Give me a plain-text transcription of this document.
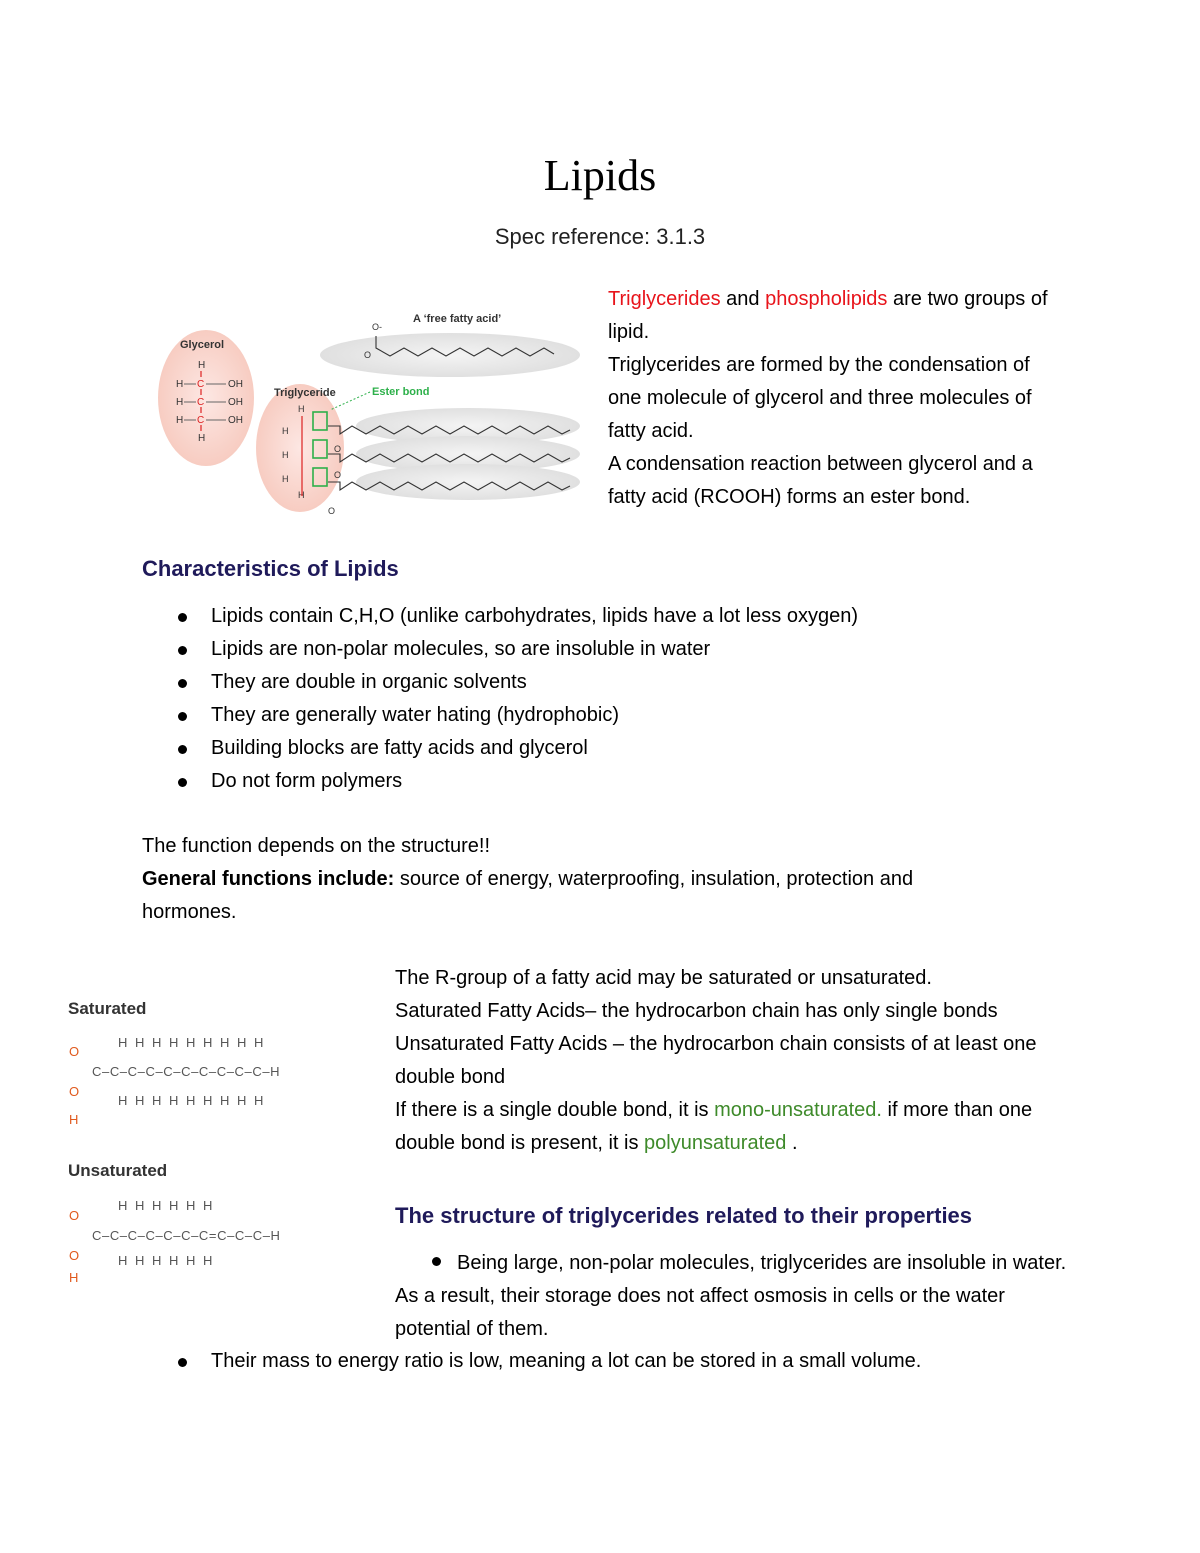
Lipids
Spec reference: 3.1.3
Glycerol
H
H C OH
H C OH
H C OH
H
A ‘free fatty acid’
O-
O
Triglyceride	Ester bond
H
H
H
H
H
O
O
O
Triglycerides and phospholipids are two groups of lipid.
Triglycerides are formed by the condensation of one molecule of glycerol and three molecules of fatty acid.
A condensation reaction between glycerol and a fatty acid (RCOOH) forms an ester bond.
Characteristics of Lipids
Lipids contain C,H,O (unlike carbohydrates, lipids have a lot less oxygen)
Lipids are non-polar molecules, so are insoluble in water
They are double in organic solvents
They are generally water hating (hydrophobic)
Building blocks are fatty acids and glycerol
Do not form polymers
The function depends on the structure!!
General functions include: source of energy, waterproofing, insulation, protection and hormones.
Saturated
H H H H H H H H H
O
C–C–C–C–C–C–C–C–C–C–H
O
H H H H H H H H H
H
Unsaturated
H H H H H H
O
C–C–C–C–C–C–C=C–C–C–H
O	H H H H H H
H
The R-group of a fatty acid may be saturated or unsaturated.
Saturated Fatty Acids– the hydrocarbon chain has only single bonds
Unsaturated Fatty Acids – the hydrocarbon chain consists of at least one double bond
If there is a single double bond, it is mono-unsaturated. if more than one double bond is present, it is polyunsaturated .
The structure of triglycerides related to their properties
Being large, non-polar molecules, triglycerides are insoluble in water. As a result, their storage does not affect osmosis in cells or the water potential of them.
Their mass to energy ratio is low, meaning a lot can be stored in a small volume.
